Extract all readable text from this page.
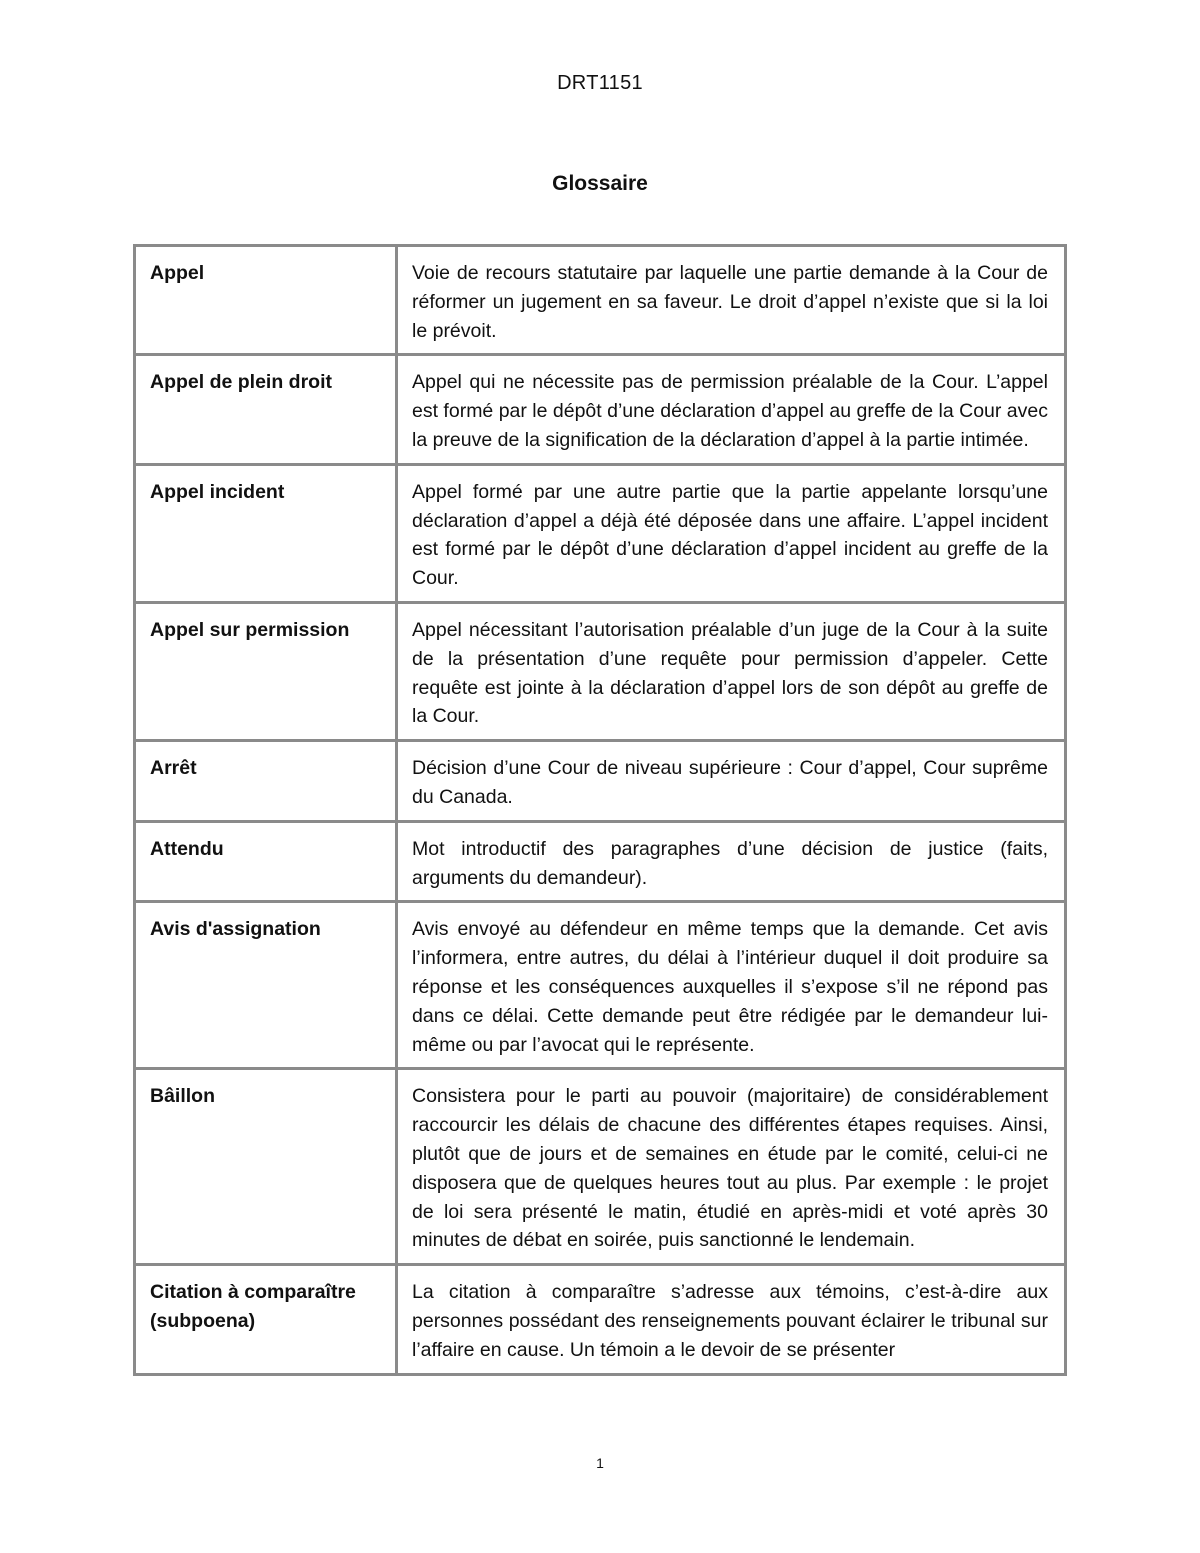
DRT1151
Glossaire
Appel	Voie de recours statutaire par laquelle une partie demande à la Cour de réformer un jugement en sa faveur. Le droit d’appel n’existe que si la loi le prévoit.
Appel de plein droit	Appel qui ne nécessite pas de permission préalable de la Cour. L’appel est formé par le dépôt d’une déclaration d’appel au greffe de la Cour avec la preuve de la signification de la déclaration d’appel à la partie intimée.
Appel incident	Appel formé par une autre partie que la partie appelante lorsqu’une déclaration d’appel a déjà été déposée dans une affaire. L’appel incident est formé par le dépôt d’une déclaration d’appel incident au greffe de la Cour.
Appel sur permission	Appel nécessitant l’autorisation préalable d’un juge de la Cour à la suite de la présentation d’une requête pour permission d’appeler. Cette requête est jointe à la déclaration d’appel lors de son dépôt au greffe de la Cour.
Arrêt	Décision d’une Cour de niveau supérieure : Cour d’appel, Cour suprême du Canada.
Attendu	Mot introductif des paragraphes d’une décision de justice (faits, arguments du demandeur).
Avis d'assignation	Avis envoyé au défendeur en même temps que la demande. Cet avis l’informera, entre autres, du délai à l’intérieur duquel il doit produire sa réponse et les conséquences auxquelles il s’expose s’il ne répond pas dans ce délai. Cette demande peut être rédigée par le demandeur lui-même ou par l’avocat qui le représente.
Bâillon	Consistera pour le parti au pouvoir (majoritaire) de considérablement raccourcir les délais de chacune des différentes étapes requises. Ainsi, plutôt que de jours et de semaines en étude par le comité, celui-ci ne disposera que de quelques heures tout au plus. Par exemple : le projet de loi sera présenté le matin, étudié en après-midi et voté après 30 minutes de débat en soirée, puis sanctionné le lendemain.
Citation à comparaître (subpoena)	La citation à comparaître s’adresse aux témoins, c’est-à-dire aux personnes possédant des renseignements pouvant éclairer le tribunal sur l’affaire en cause. Un témoin a le devoir de se présenter
1
